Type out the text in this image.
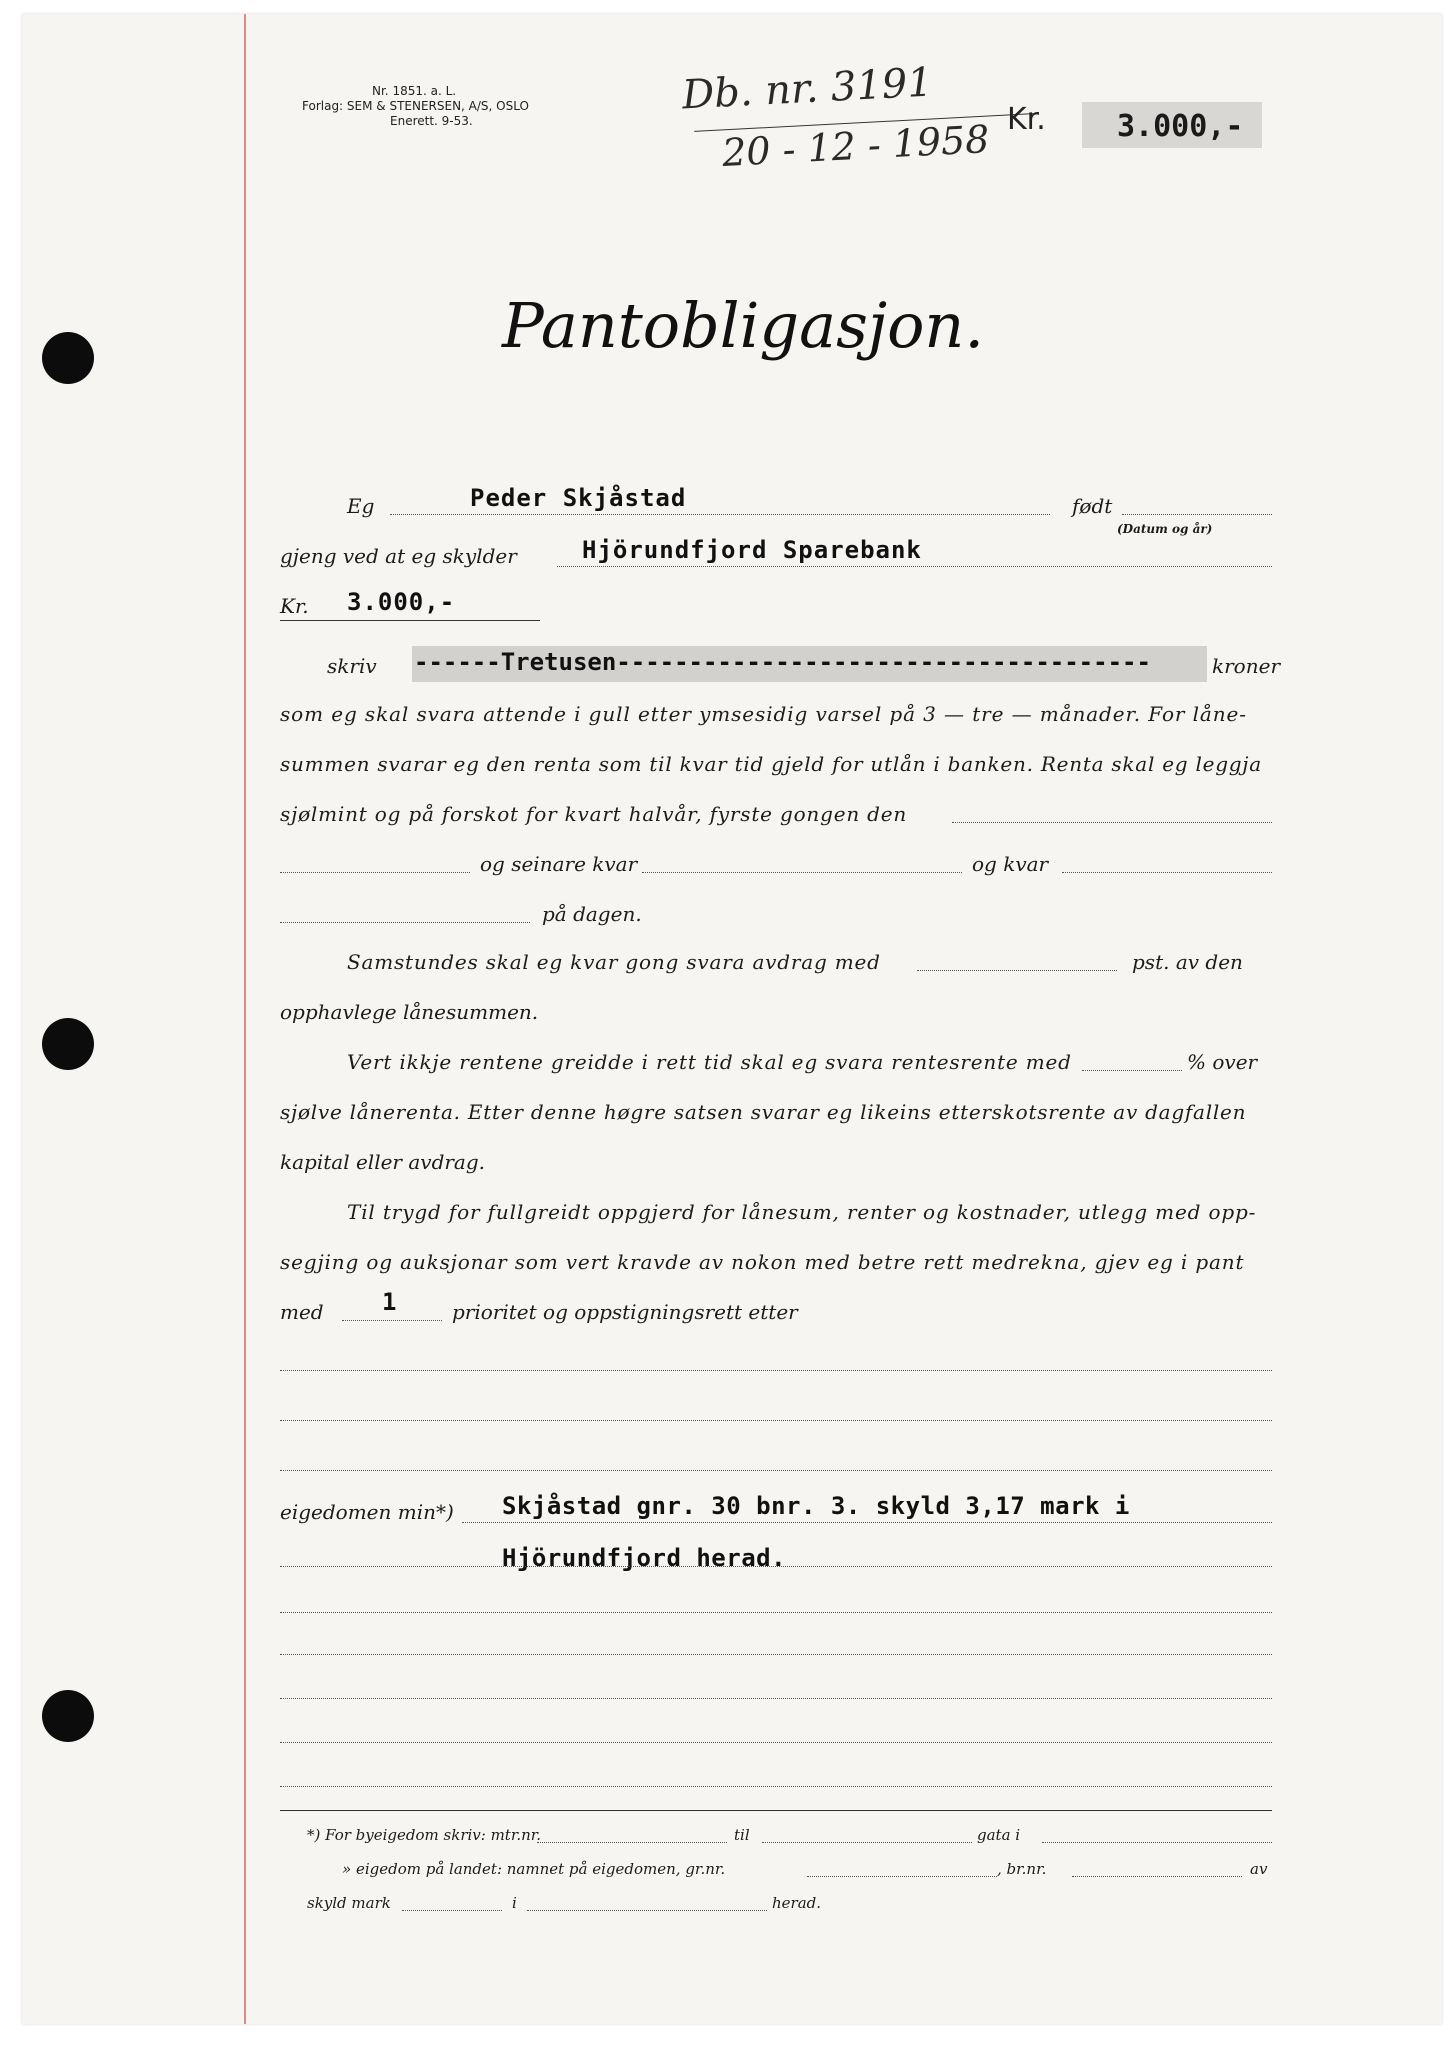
Nr. 1851. a. L.
Forlag: SEM & STENERSEN, A/S, OSLO
Enerett. 9-53.
Db. nr. 3191
20 - 12 - 1958 Kr. 3.000,-
Pantobligasjon.
Eg	Peder Skjåstad	født
(Datum og år)
gjeng ved at eg skylder	Hjörundfjord Sparebank
Kr. 3.000,-
skriv ------Tretusen-------------------------------------	kroner
som eg skal svara attende i gull etter ymsesidig varsel på 3 — tre — månader. For låne-
summen svarar eg den renta som til kvar tid gjeld for utlån i banken. Renta skal eg leggja
sjølmint og på forskot for kvart halvår, fyrste gongen den
og seinare kvar	og kvar
på dagen.
Samstundes skal eg kvar gong svara avdrag med	pst. av den
opphavlege lånesummen.
Vert ikkje rentene greidde i rett tid skal eg svara rentesrente med	% over
sjølve lånerenta. Etter denne høgre satsen svarar eg likeins etterskotsrente av dagfallen
kapital eller avdrag.
Til trygd for fullgreidt oppgjerd for lånesum, renter og kostnader, utlegg med opp-
segjing og auksjonar som vert kravde av nokon med betre rett medrekna, gjev eg i pant
med 1	prioritet og oppstigningsrett etter
eigedomen min*) Skjåstad gnr. 30 bnr. 3. skyld 3,17 mark i
Hjörundfjord herad.
*) For byeigedom skriv: mtr.nr.	til	gata i
» eigedom på landet: namnet på eigedomen, gr.nr.	, br.nr.	av
skyld mark	i	herad.
